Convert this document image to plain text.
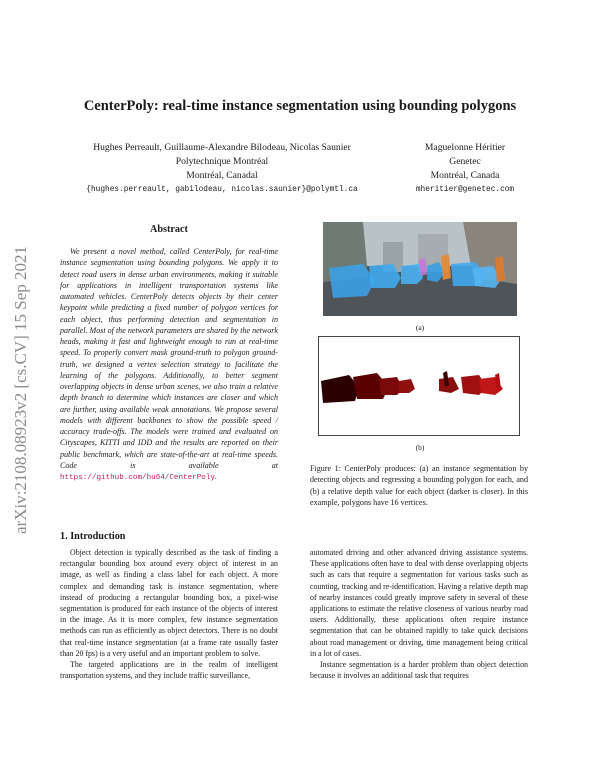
arXiv:2108.08923v2 [cs.CV] 15 Sep 2021
CenterPoly: real-time instance segmentation using bounding polygons
Hughes Perreault, Guillaume-Alexandre Bilodeau, Nicolas Saunier
Polytechnique Montréal
Montréal, Canadal
{hughes.perreault, gabilodeau, nicolas.saunier}@polymtl.ca
Maguelonne Héritier
Genetec
Montréal, Canada
mheritier@genetec.com
Abstract
We present a novel method, called CenterPoly, for real-time instance segmentation using bounding polygons. We apply it to detect road users in dense urban environments, making it suitable for applications in intelligent transportation systems like automated vehicles. CenterPoly detects objects by their center keypoint while predicting a fixed number of polygon vertices for each object, thus performing detection and segmentation in parallel. Most of the network parameters are shared by the network heads, making it fast and lightweight enough to run at real-time speed. To properly convert mask ground-truth to polygon ground-truth, we designed a vertex selection strategy to facilitate the learning of the polygons. Additionally, to better segment overlapping objects in dense urban scenes, we also train a relative depth branch to determine which instances are closer and which are further, using available weak annotations. We propose several models with different backbones to show the possible speed / accuracy trade-offs. The models were trained and evaluated on Cityscapes, KITTI and IDD and the results are reported on their public benchmark, which are state-of-the-art at real-time speeds. Code is available at https://github.com/hu64/CenterPoly.
(a)
(b)
Figure 1: CenterPoly produces: (a) an instance segmentation by detecting objects and regressing a bounding polygon for each, and (b) a relative depth value for each object (darker is closer). In this example, polygons have 16 vertices.
1. Introduction

Object detection is typically described as the task of finding a rectangular bounding box around every object of interest in an image, as well as finding a class label for each object. A more complex and demanding task is instance segmentation, where instead of producing a rectangular bounding box, a pixel-wise segmentation is produced for each instance of the objects of interest in the image. As it is more complex, few instance segmentation methods can run as efficiently as object detectors. There is no doubt that real-time instance segmentation (at a frame rate usually faster than 20 fps) is a very useful and an important problem to solve.

The targeted applications are in the realm of intelligent transportation systems, and they include traffic surveillance,

automated driving and other advanced driving assistance systems. These applications often have to deal with dense overlapping objects such as cars that require a segmentation for various tasks such as counting, tracking and re-identification. Having a relative depth map of nearby instances could greatly improve safety in several of these applications to estimate the relative closeness of various nearby road users. Additionally, these applications often require instance segmentation that can be obtained rapidly to take quick decisions about road management or driving, time management being critical in a lot of cases.

Instance segmentation is a harder problem than object detection because it involves an additional task that requires
